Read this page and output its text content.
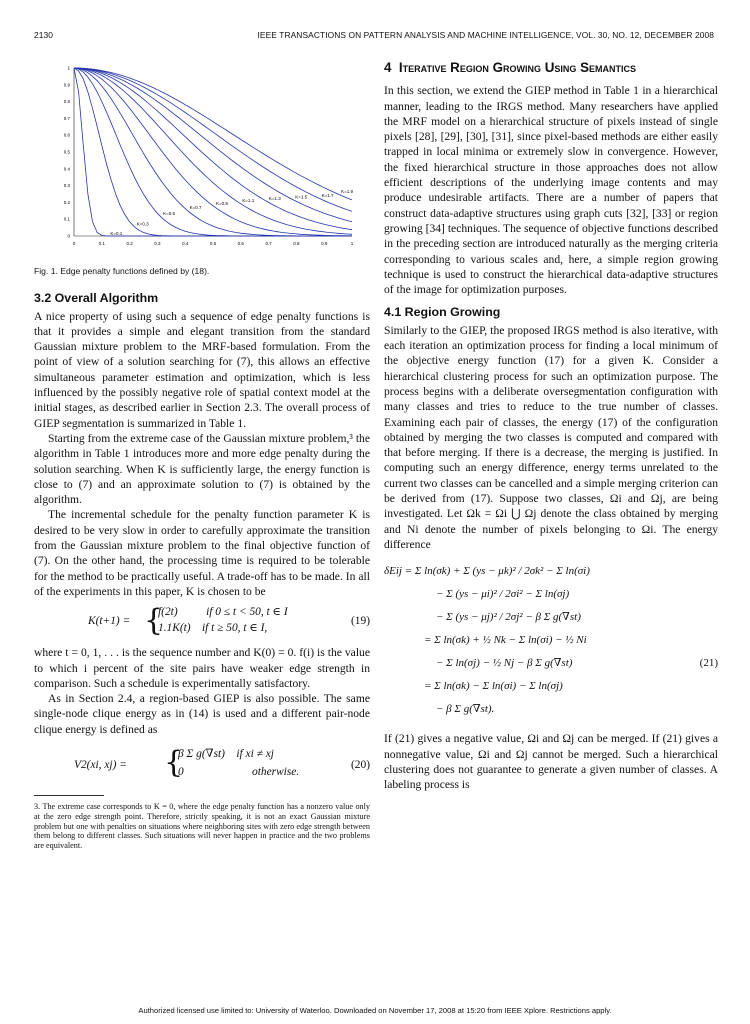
2130	IEEE TRANSACTIONS ON PATTERN ANALYSIS AND MACHINE INTELLIGENCE, VOL. 30, NO. 12, DECEMBER 2008
0	0.1	0.2	0.3	0.4	0.5	0.6	0.7	0.8	0.9	1
0
0.1
0.2
0.3
0.4
0.5
0.6
0.7
0.8
0.9
1
K=0.1
K=0.3
K=0.5
K=0.7
K=0.9
K=1.1	K=1.3	K=1.5	K=1.7
K=1.9
Fig. 1. Edge penalty functions defined by (18).
3.2 Overall Algorithm

A nice property of using such a sequence of edge penalty functions is that it provides a simple and elegant transition from the standard Gaussian mixture problem to the MRF-based formulation. From the point of view of a solution searching for (7), this allows an effective simultaneous parameter estimation and optimization, which is less influenced by the possibly negative role of spatial context model at the initial stages, as described earlier in Section 2.3. The overall process of GIEP segmentation is summarized in Table 1.

Starting from the extreme case of the Gaussian mixture problem,³ the algorithm in Table 1 introduces more and more edge penalty during the solution searching. When K is sufficiently large, the energy function is close to (7) and an approximate solution to (7) is obtained by the algorithm.

The incremental schedule for the penalty function parameter K is desired to be very slow in order to carefully approximate the transition from the Gaussian mixture problem to the final objective function of (7). On the other hand, the processing time is required to be tolerable for the method to be practically useful. A trade-off has to be made. In all of the experiments in this paper, K is chosen to be

K(t+1) = {
f(2t)          if 0 ≤ t < 50, t ∈ I
1.1K(t)    if t ≥ 50, t ∈ I,
(19)

where t = 0, 1, . . . is the sequence number and K(0) = 0. f(i) is the value to which i percent of the site pairs have weaker edge strength in comparison. Such a schedule is experimentally satisfactory.

As in Section 2.4, a region-based GIEP is also possible. The same single-node clique energy as in (14) is used and a different pair-node clique energy is defined as

V2(xi, xj) = {
β Σ g(∇st)    if xi ≠ xj
0                        otherwise.
(20)
3. The extreme case corresponds to K = 0, where the edge penalty function has a nonzero value only at the zero edge strength point. Therefore, strictly speaking, it is not an exact Gaussian mixture problem but one with penalties on situations where neighboring sites with zero edge strength between them belong to different classes. Such situations will never happen in practice and the two problems are equivalent.
4 Iterative Region Growing Using Semantics

In this section, we extend the GIEP method in Table 1 in a hierarchical manner, leading to the IRGS method. Many researchers have applied the MRF model on a hierarchical structure of pixels instead of single pixels [28], [29], [30], [31], since pixel-based methods are either easily trapped in local minima or extremely slow in convergence. However, the fixed hierarchical structure in those approaches does not allow efficient descriptions of the underlying image contents and may produce undesirable artifacts. There are a number of papers that construct data-adaptive structures using graph cuts [32], [33] or region growing [34] techniques. The sequence of objective functions described in the preceding section are introduced naturally as the merging criteria corresponding to various scales and, here, a simple region growing technique is used to construct the hierarchical data-adaptive structures of the image for optimization purposes.

4.1 Region Growing

Similarly to the GIEP, the proposed IRGS method is also iterative, with each iteration an optimization process for finding a local minimum of the objective energy function (17) for a given K. Consider a hierarchical clustering process for such an optimization purpose. The process begins with a deliberate oversegmentation configuration with many classes and tries to reduce to the true number of classes. Examining each pair of classes, the energy (17) of the configuration obtained by merging the two classes is computed and compared with that before merging. If there is a decrease, the merging is justified. In computing such an energy difference, energy terms unrelated to the current two classes can be cancelled and a simple merging criterion can be derived from (17). Suppose two classes, Ωi and Ωj, are being investigated. Let Ωk = Ωi ⋃ Ωj denote the class obtained by merging and Ni denote the number of pixels belonging to Ωi. The energy difference

δEij = Σ ln(σk) + Σ (ys − μk)² / 2σk² − Σ ln(σi)
− Σ (ys − μi)² / 2σi² − Σ ln(σj)
− Σ (ys − μj)² / 2σj² − β Σ g(∇st)
= Σ ln(σk) + ½ Nk − Σ ln(σi) − ½ Ni
− Σ ln(σj) − ½ Nj − β Σ g(∇st)
= Σ ln(σk) − Σ ln(σi) − Σ ln(σj)
− β Σ g(∇st).
(21)

If (21) gives a negative value, Ωi and Ωj can be merged. If (21) gives a nonnegative value, Ωi and Ωj cannot be merged. Such a hierarchical clustering does not guarantee to generate a given number of classes. A labeling process is

Authorized licensed use limited to: University of Waterloo. Downloaded on November 17, 2008 at 15:20 from IEEE Xplore. Restrictions apply.
